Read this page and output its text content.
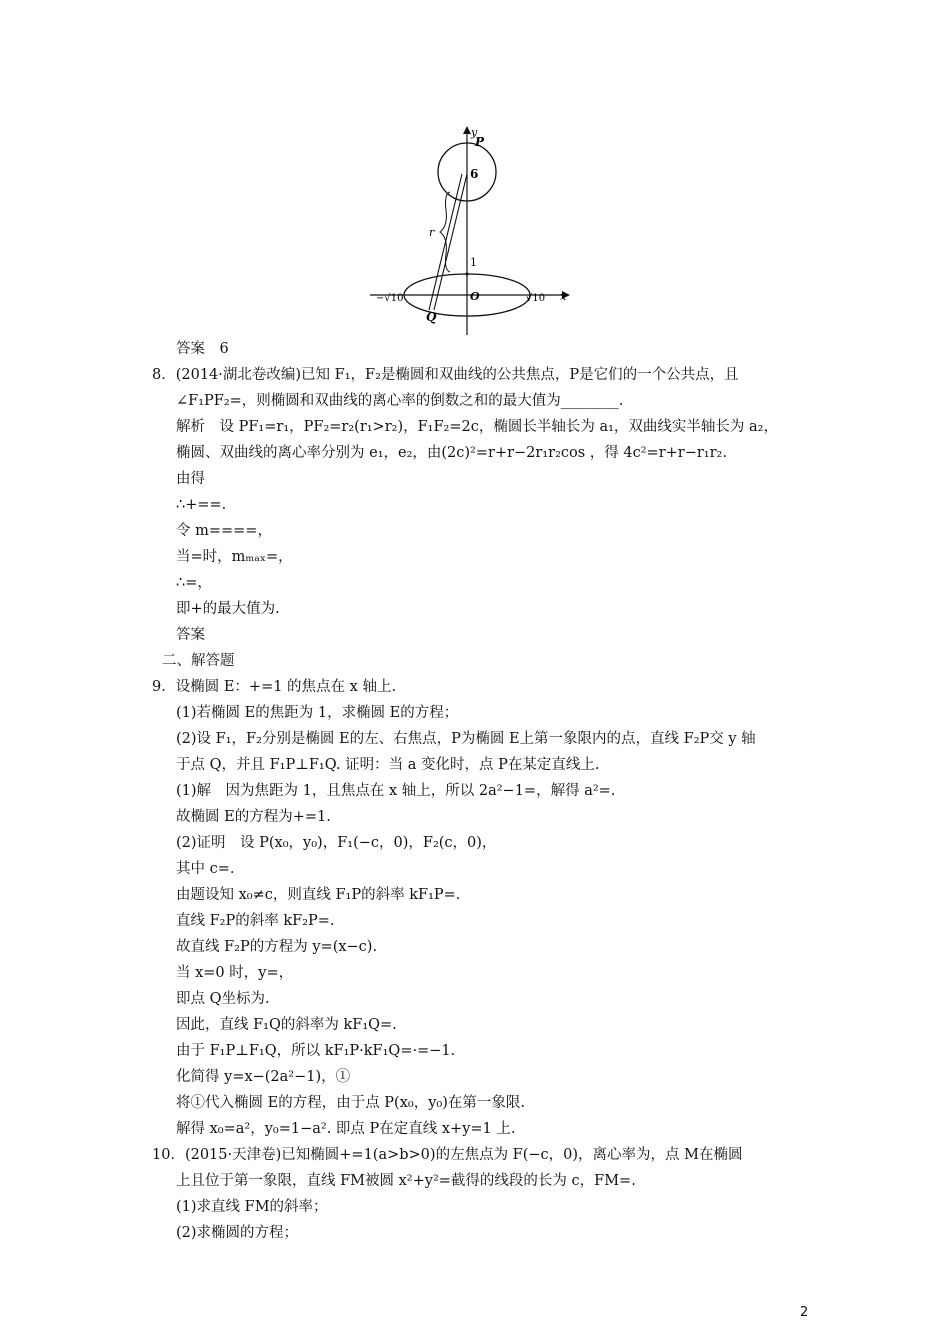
y
P
6
r
1
O	x
−√10	√10
Q
答案　6
8．(2014·湖北卷改编)已知 F₁，F₂是椭圆和双曲线的公共焦点，P是它们的一个公共点，且
∠F₁PF₂=，则椭圆和双曲线的离心率的倒数之和的最大值为________.
解析　设 PF₁=r₁，PF₂=r₂(r₁>r₂)，F₁F₂=2c，椭圆长半轴长为 a₁，双曲线实半轴长为 a₂，
椭圆、双曲线的离心率分别为 e₁，e₂，由(2c)²=r+r−2r₁r₂cos ，得 4c²=r+r−r₁r₂.
由得
∴+==.
令 m====，
当=时，mₘₐₓ=，
∴=，
即+的最大值为.
答案
二、解答题
9．设椭圆 E：+=1 的焦点在 x 轴上.
(1)若椭圆 E的焦距为 1，求椭圆 E的方程；
(2)设 F₁，F₂分别是椭圆 E的左、右焦点，P为椭圆 E上第一象限内的点，直线 F₂P交 y 轴
于点 Q，并且 F₁P⊥F₁Q. 证明：当 a 变化时，点 P在某定直线上.
(1)解　因为焦距为 1，且焦点在 x 轴上，所以 2a²−1=，解得 a²=.
故椭圆 E的方程为+=1.
(2)证明　设 P(x₀，y₀)，F₁(−c，0)，F₂(c，0)，
其中 c=.
由题设知 x₀≠c，则直线 F₁P的斜率 kF₁P=.
直线 F₂P的斜率 kF₂P=.
故直线 F₂P的方程为 y=(x−c).
当 x=0 时，y=，
即点 Q坐标为.
因此，直线 F₁Q的斜率为 kF₁Q=.
由于 F₁P⊥F₁Q，所以 kF₁P·kF₁Q=·=−1.
化简得 y=x−(2a²−1)，①
将①代入椭圆 E的方程，由于点 P(x₀，y₀)在第一象限.
解得 x₀=a²，y₀=1−a². 即点 P在定直线 x+y=1 上.
10．(2015·天津卷)已知椭圆+=1(a>b>0)的左焦点为 F(−c，0)，离心率为，点 M在椭圆
上且位于第一象限，直线 FM被圆 x²+y²=截得的线段的长为 c，FM=.
(1)求直线 FM的斜率；
(2)求椭圆的方程；
2
